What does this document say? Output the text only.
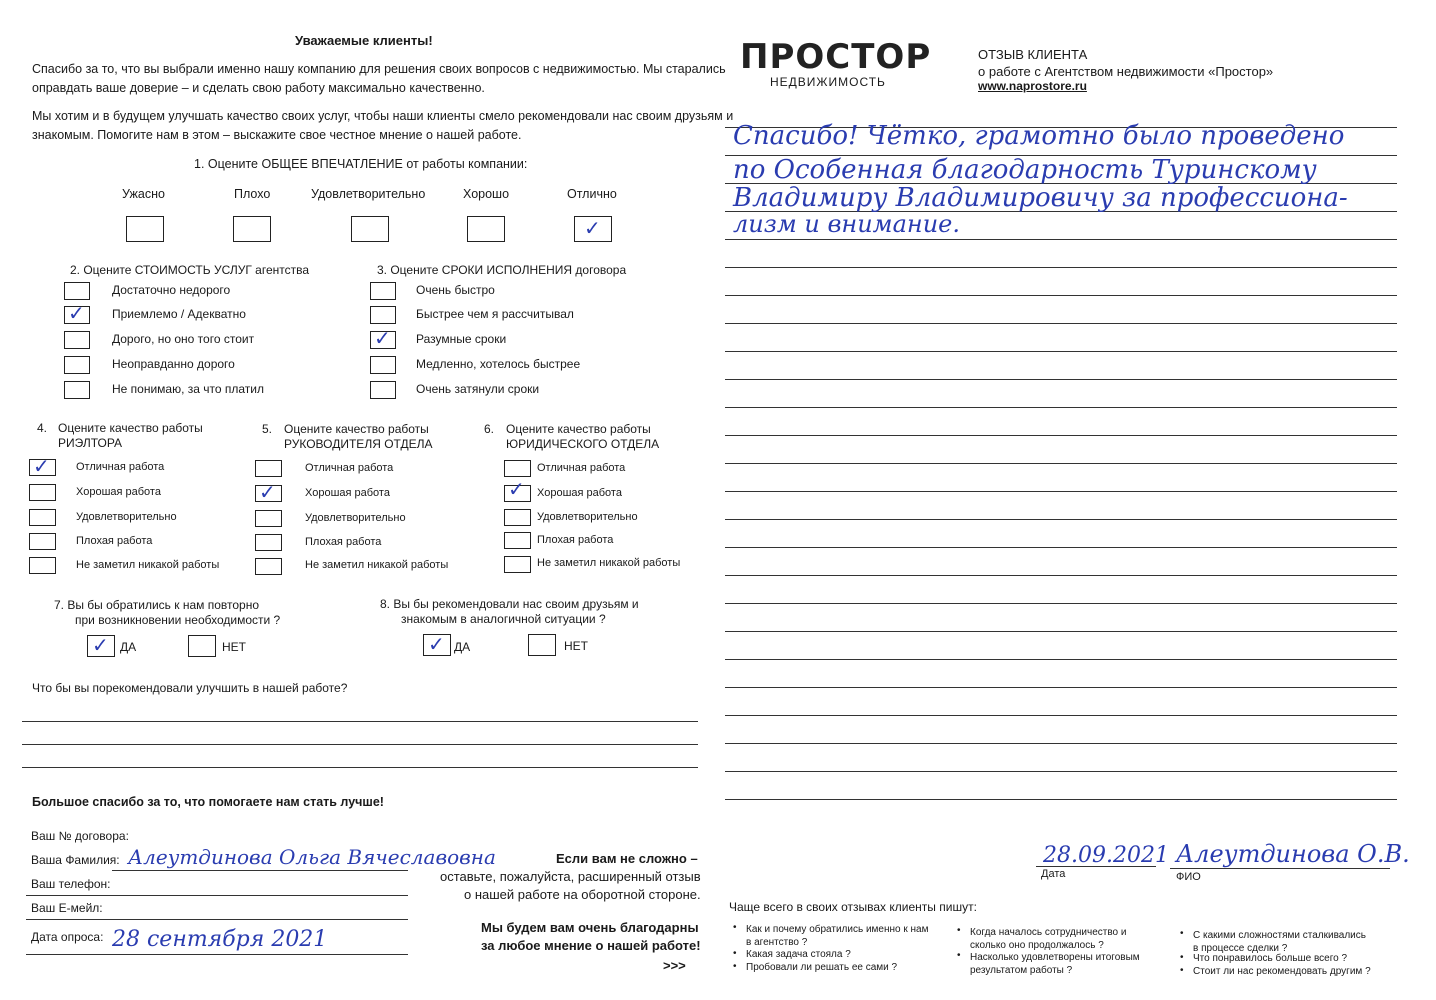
Уважаемые клиенты!
Спасибо за то, что вы выбрали именно нашу компанию для решения своих вопросов с недвижимостью. Мы старались
оправдать ваше доверие – и сделать свою работу максимально качественно.
Мы хотим и в будущем улучшать качество своих услуг, чтобы наши клиенты смело рекомендовали нас своим друзьям и
знакомым. Помогите нам в этом – выскажите свое честное мнение о нашей работе.
1. Оцените ОБЩЕЕ ВПЕЧАТЛЕНИЕ от работы компании:
Ужасно	Плохо	Удовлетворительно	Хорошо	Отлично
✓
2. Оцените СТОИМОСТЬ УСЛУГ агентства
✓
Достаточно недорого
Приемлемо / Адекватно
Дорого, но оно того стоит
Неоправданно дорого
Не понимаю, за что платил
3. Оцените СРОКИ ИСПОЛНЕНИЯ договора
✓
Очень быстро
Быстрее чем я рассчитывал
Разумные сроки
Медленно, хотелось быстрее
Очень затянули сроки
4. Оцените качество работы
РИЭЛТОРА
✓ Отличная работа
Хорошая работа
Удовлетворительно
Плохая работа
Не заметил никакой работы
5. Оцените качество работы
РУКОВОДИТЕЛЯ ОТДЕЛА
✓
Отличная работа
Хорошая работа
Удовлетворительно
Плохая работа
Не заметил никакой работы
6. Оцените качество работы
ЮРИДИЧЕСКОГО ОТДЕЛА
✓
Отличная работа
Хорошая работа
Удовлетворительно
Плохая работа
Не заметил никакой работы
7. Вы бы обратились к нам повторно
при возникновении необходимости ?
✓ ДА	НЕТ
8. Вы бы рекомендовали нас своим друзьям и
знакомым в аналогичной ситуации ?
✓ ДА	НЕТ
Что бы вы порекомендовали улучшить в нашей работе?
Большое спасибо за то, что помогаете нам стать лучше!
Ваш № договора:
Ваша Фамилия: Алеутдинова Ольга Вячеславовна
Ваш телефон:
Ваш Е-мейл:
Дата опроса: 28 сентября 2021
Если вам не сложно –
оставьте, пожалуйста, расширенный отзыв
о нашей работе на оборотной стороне.
Мы будем вам очень благодарны
за любое мнение о нашей работе!
>>>
ПРОСТОР
НЕДВИЖИМОСТЬ
ОТЗЫВ КЛИЕНТА
о работе с Агентством недвижимости «Простор»
www.naprostore.ru
Спасибо! Чётко, грамотно было проведено
по Особенная благодарность Туринскому
Владимиру Владимировичу за профессиона-
лизм и внимание.
28.09.2021
Дата
Алеутдинова О.В.
ФИО
Чаще всего в своих отзывах клиенты пишут:
• Как и почему обратились именно к нам в агентство ?
• Какая задача стояла ?
• Пробовали ли решать ее сами ?
• Когда началось сотрудничество и сколько оно продолжалось ?
• Насколько удовлетворены итоговым результатом работы ?
• С какими сложностями сталкивались в процессе сделки ?
• Что понравилось больше всего ?
• Стоит ли нас рекомендовать другим ?
